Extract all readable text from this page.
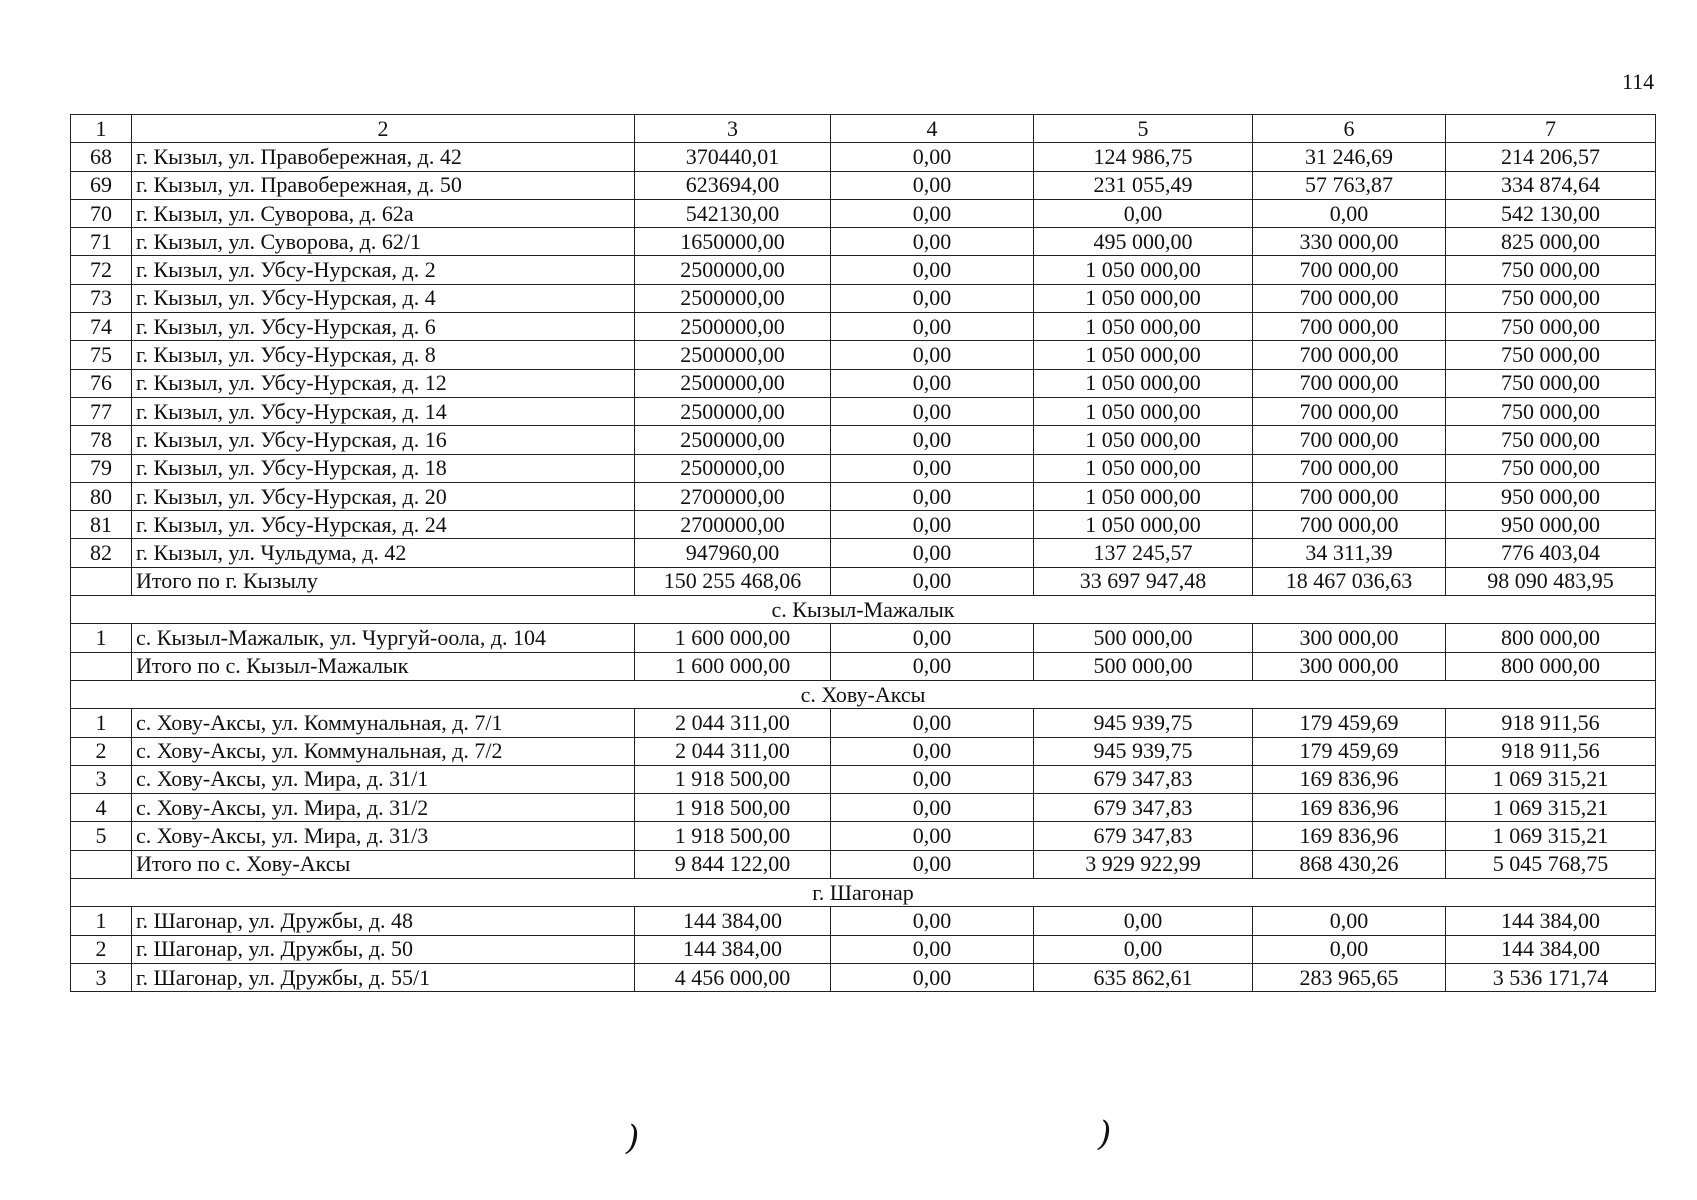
114
1	2	3	4	5	6	7
68	г. Кызыл, ул. Правобережная, д. 42	370440,01	0,00	124 986,75	31 246,69	214 206,57
69	г. Кызыл, ул. Правобережная, д. 50	623694,00	0,00	231 055,49	57 763,87	334 874,64
70	г. Кызыл, ул. Суворова, д. 62а	542130,00	0,00	0,00	0,00	542 130,00
71	г. Кызыл, ул. Суворова, д. 62/1	1650000,00	0,00	495 000,00	330 000,00	825 000,00
72	г. Кызыл, ул. Убсу-Нурская, д. 2	2500000,00	0,00	1 050 000,00	700 000,00	750 000,00
73	г. Кызыл, ул. Убсу-Нурская, д. 4	2500000,00	0,00	1 050 000,00	700 000,00	750 000,00
74	г. Кызыл, ул. Убсу-Нурская, д. 6	2500000,00	0,00	1 050 000,00	700 000,00	750 000,00
75	г. Кызыл, ул. Убсу-Нурская, д. 8	2500000,00	0,00	1 050 000,00	700 000,00	750 000,00
76	г. Кызыл, ул. Убсу-Нурская, д. 12	2500000,00	0,00	1 050 000,00	700 000,00	750 000,00
77	г. Кызыл, ул. Убсу-Нурская, д. 14	2500000,00	0,00	1 050 000,00	700 000,00	750 000,00
78	г. Кызыл, ул. Убсу-Нурская, д. 16	2500000,00	0,00	1 050 000,00	700 000,00	750 000,00
79	г. Кызыл, ул. Убсу-Нурская, д. 18	2500000,00	0,00	1 050 000,00	700 000,00	750 000,00
80	г. Кызыл, ул. Убсу-Нурская, д. 20	2700000,00	0,00	1 050 000,00	700 000,00	950 000,00
81	г. Кызыл, ул. Убсу-Нурская, д. 24	2700000,00	0,00	1 050 000,00	700 000,00	950 000,00
82	г. Кызыл, ул. Чульдума, д. 42	947960,00	0,00	137 245,57	34 311,39	776 403,04
	Итого по г. Кызылу	150 255 468,06	0,00	33 697 947,48	18 467 036,63	98 090 483,95
с. Кызыл-Мажалык						
1	с. Кызыл-Мажалык, ул. Чургуй-оола, д. 104	1 600 000,00	0,00	500 000,00	300 000,00	800 000,00
	Итого по с. Кызыл-Мажалык	1 600 000,00	0,00	500 000,00	300 000,00	800 000,00
с. Хову-Аксы						
1	с. Хову-Аксы, ул. Коммунальная, д. 7/1	2 044 311,00	0,00	945 939,75	179 459,69	918 911,56
2	с. Хову-Аксы, ул. Коммунальная, д. 7/2	2 044 311,00	0,00	945 939,75	179 459,69	918 911,56
3	с. Хову-Аксы, ул. Мира, д. 31/1	1 918 500,00	0,00	679 347,83	169 836,96	1 069 315,21
4	с. Хову-Аксы, ул. Мира, д. 31/2	1 918 500,00	0,00	679 347,83	169 836,96	1 069 315,21
5	с. Хову-Аксы, ул. Мира, д. 31/3	1 918 500,00	0,00	679 347,83	169 836,96	1 069 315,21
	Итого по с. Хову-Аксы	9 844 122,00	0,00	3 929 922,99	868 430,26	5 045 768,75
г. Шагонар						
1	г. Шагонар, ул. Дружбы, д. 48	144 384,00	0,00	0,00	0,00	144 384,00
2	г. Шагонар, ул. Дружбы, д. 50	144 384,00	0,00	0,00	0,00	144 384,00
3	г. Шагонар, ул. Дружбы, д. 55/1	4 456 000,00	0,00	635 862,61	283 965,65	3 536 171,74
)	)
